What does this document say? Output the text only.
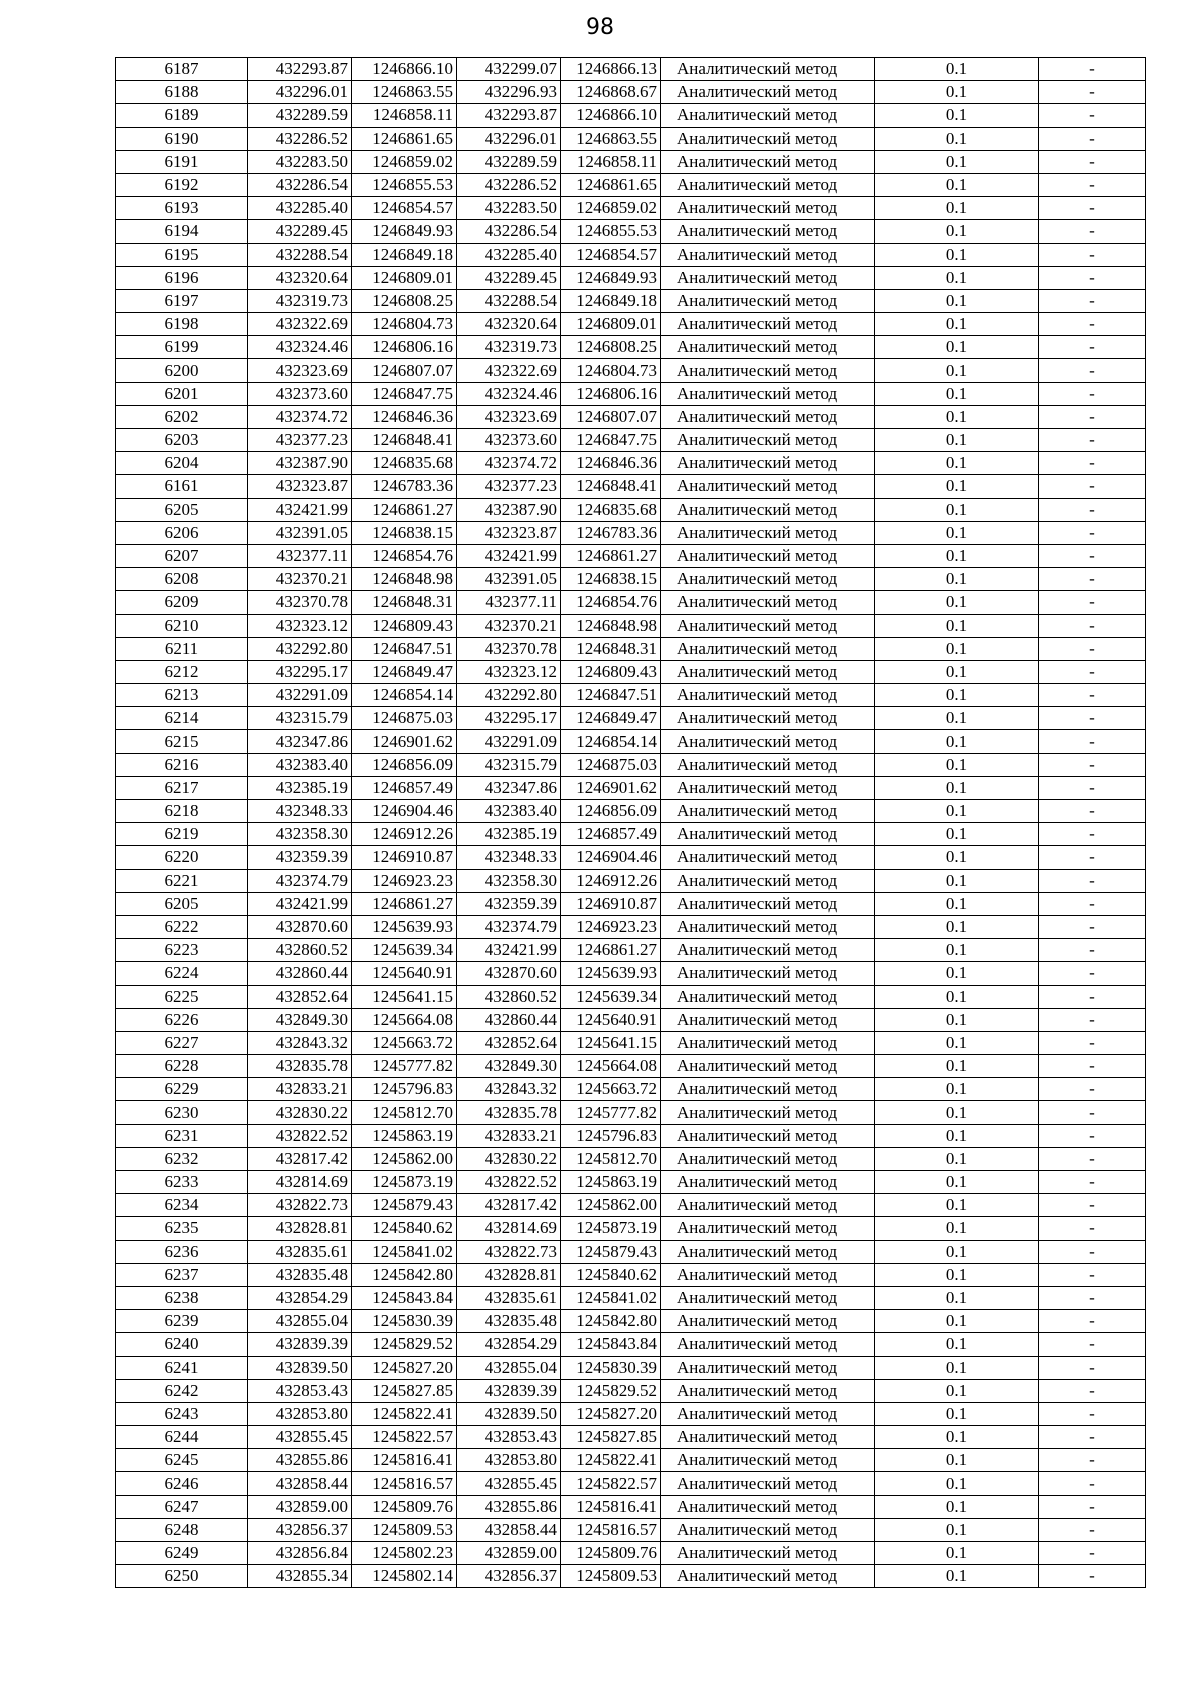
98
6187	432293.87	1246866.10	432299.07	1246866.13	Аналитический метод	0.1	-
6188	432296.01	1246863.55	432296.93	1246868.67	Аналитический метод	0.1	-
6189	432289.59	1246858.11	432293.87	1246866.10	Аналитический метод	0.1	-
6190	432286.52	1246861.65	432296.01	1246863.55	Аналитический метод	0.1	-
6191	432283.50	1246859.02	432289.59	1246858.11	Аналитический метод	0.1	-
6192	432286.54	1246855.53	432286.52	1246861.65	Аналитический метод	0.1	-
6193	432285.40	1246854.57	432283.50	1246859.02	Аналитический метод	0.1	-
6194	432289.45	1246849.93	432286.54	1246855.53	Аналитический метод	0.1	-
6195	432288.54	1246849.18	432285.40	1246854.57	Аналитический метод	0.1	-
6196	432320.64	1246809.01	432289.45	1246849.93	Аналитический метод	0.1	-
6197	432319.73	1246808.25	432288.54	1246849.18	Аналитический метод	0.1	-
6198	432322.69	1246804.73	432320.64	1246809.01	Аналитический метод	0.1	-
6199	432324.46	1246806.16	432319.73	1246808.25	Аналитический метод	0.1	-
6200	432323.69	1246807.07	432322.69	1246804.73	Аналитический метод	0.1	-
6201	432373.60	1246847.75	432324.46	1246806.16	Аналитический метод	0.1	-
6202	432374.72	1246846.36	432323.69	1246807.07	Аналитический метод	0.1	-
6203	432377.23	1246848.41	432373.60	1246847.75	Аналитический метод	0.1	-
6204	432387.90	1246835.68	432374.72	1246846.36	Аналитический метод	0.1	-
6161	432323.87	1246783.36	432377.23	1246848.41	Аналитический метод	0.1	-
6205	432421.99	1246861.27	432387.90	1246835.68	Аналитический метод	0.1	-
6206	432391.05	1246838.15	432323.87	1246783.36	Аналитический метод	0.1	-
6207	432377.11	1246854.76	432421.99	1246861.27	Аналитический метод	0.1	-
6208	432370.21	1246848.98	432391.05	1246838.15	Аналитический метод	0.1	-
6209	432370.78	1246848.31	432377.11	1246854.76	Аналитический метод	0.1	-
6210	432323.12	1246809.43	432370.21	1246848.98	Аналитический метод	0.1	-
6211	432292.80	1246847.51	432370.78	1246848.31	Аналитический метод	0.1	-
6212	432295.17	1246849.47	432323.12	1246809.43	Аналитический метод	0.1	-
6213	432291.09	1246854.14	432292.80	1246847.51	Аналитический метод	0.1	-
6214	432315.79	1246875.03	432295.17	1246849.47	Аналитический метод	0.1	-
6215	432347.86	1246901.62	432291.09	1246854.14	Аналитический метод	0.1	-
6216	432383.40	1246856.09	432315.79	1246875.03	Аналитический метод	0.1	-
6217	432385.19	1246857.49	432347.86	1246901.62	Аналитический метод	0.1	-
6218	432348.33	1246904.46	432383.40	1246856.09	Аналитический метод	0.1	-
6219	432358.30	1246912.26	432385.19	1246857.49	Аналитический метод	0.1	-
6220	432359.39	1246910.87	432348.33	1246904.46	Аналитический метод	0.1	-
6221	432374.79	1246923.23	432358.30	1246912.26	Аналитический метод	0.1	-
6205	432421.99	1246861.27	432359.39	1246910.87	Аналитический метод	0.1	-
6222	432870.60	1245639.93	432374.79	1246923.23	Аналитический метод	0.1	-
6223	432860.52	1245639.34	432421.99	1246861.27	Аналитический метод	0.1	-
6224	432860.44	1245640.91	432870.60	1245639.93	Аналитический метод	0.1	-
6225	432852.64	1245641.15	432860.52	1245639.34	Аналитический метод	0.1	-
6226	432849.30	1245664.08	432860.44	1245640.91	Аналитический метод	0.1	-
6227	432843.32	1245663.72	432852.64	1245641.15	Аналитический метод	0.1	-
6228	432835.78	1245777.82	432849.30	1245664.08	Аналитический метод	0.1	-
6229	432833.21	1245796.83	432843.32	1245663.72	Аналитический метод	0.1	-
6230	432830.22	1245812.70	432835.78	1245777.82	Аналитический метод	0.1	-
6231	432822.52	1245863.19	432833.21	1245796.83	Аналитический метод	0.1	-
6232	432817.42	1245862.00	432830.22	1245812.70	Аналитический метод	0.1	-
6233	432814.69	1245873.19	432822.52	1245863.19	Аналитический метод	0.1	-
6234	432822.73	1245879.43	432817.42	1245862.00	Аналитический метод	0.1	-
6235	432828.81	1245840.62	432814.69	1245873.19	Аналитический метод	0.1	-
6236	432835.61	1245841.02	432822.73	1245879.43	Аналитический метод	0.1	-
6237	432835.48	1245842.80	432828.81	1245840.62	Аналитический метод	0.1	-
6238	432854.29	1245843.84	432835.61	1245841.02	Аналитический метод	0.1	-
6239	432855.04	1245830.39	432835.48	1245842.80	Аналитический метод	0.1	-
6240	432839.39	1245829.52	432854.29	1245843.84	Аналитический метод	0.1	-
6241	432839.50	1245827.20	432855.04	1245830.39	Аналитический метод	0.1	-
6242	432853.43	1245827.85	432839.39	1245829.52	Аналитический метод	0.1	-
6243	432853.80	1245822.41	432839.50	1245827.20	Аналитический метод	0.1	-
6244	432855.45	1245822.57	432853.43	1245827.85	Аналитический метод	0.1	-
6245	432855.86	1245816.41	432853.80	1245822.41	Аналитический метод	0.1	-
6246	432858.44	1245816.57	432855.45	1245822.57	Аналитический метод	0.1	-
6247	432859.00	1245809.76	432855.86	1245816.41	Аналитический метод	0.1	-
6248	432856.37	1245809.53	432858.44	1245816.57	Аналитический метод	0.1	-
6249	432856.84	1245802.23	432859.00	1245809.76	Аналитический метод	0.1	-
6250	432855.34	1245802.14	432856.37	1245809.53	Аналитический метод	0.1	-
